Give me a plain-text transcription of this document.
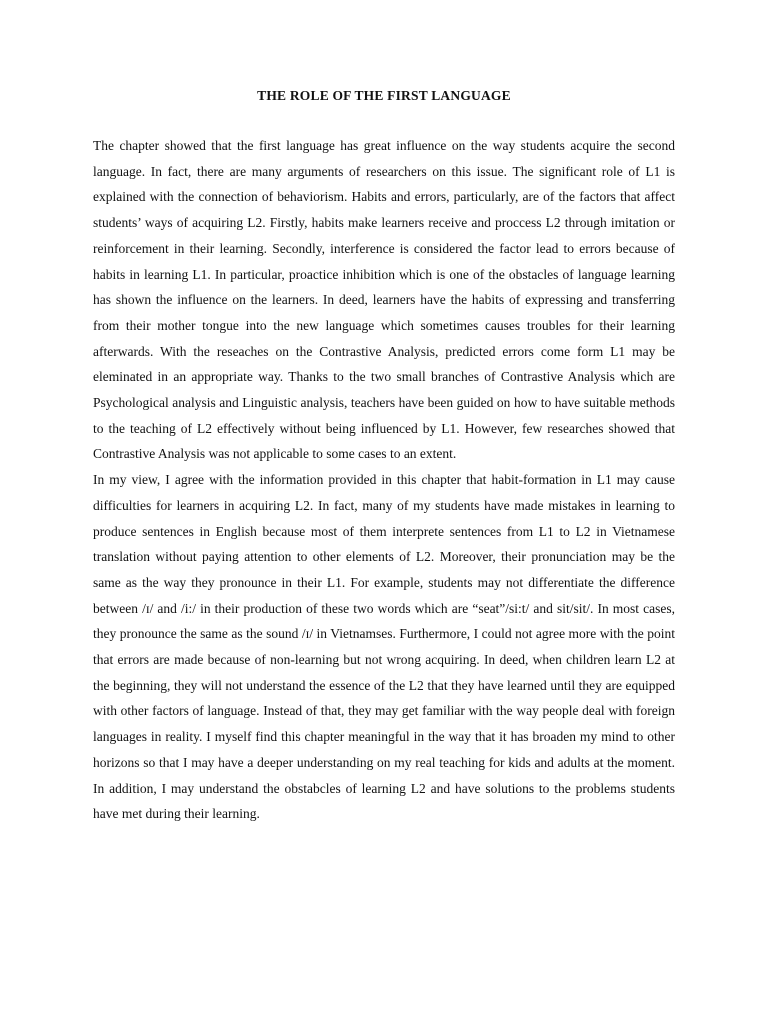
THE ROLE OF THE FIRST LANGUAGE

The chapter showed that the first language has great influence on the way students acquire the second language. In fact, there are many arguments of researchers on this issue. The significant role of L1 is explained with the connection of behaviorism. Habits and errors, particularly, are of the factors that affect students’ ways of acquiring L2. Firstly, habits make learners receive and proccess L2 through imitation or reinforcement in their learning. Secondly, interference is considered the factor lead to errors because of habits in learning L1. In particular, proactice inhibition which is one of the obstacles of language learning has shown the influence on the learners. In deed, learners have the habits of expressing and transferring from their mother tongue into the new language which sometimes causes troubles for their learning afterwards. With the reseaches on the Contrastive Analysis, predicted errors come form L1 may be eleminated in an appropriate way. Thanks to the two small branches of Contrastive Analysis which are Psychological analysis and Linguistic analysis, teachers have been guided on how to have suitable methods to the teaching of L2 effectively without being influenced by L1. However, few researches showed that Contrastive Analysis was not applicable to some cases to an extent.

In my view, I agree with the information provided in this chapter that habit-formation in L1 may cause difficulties for learners in acquiring L2. In fact, many of my students have made mistakes in learning to produce sentences in English because most of them interprete sentences from L1 to L2 in Vietnamese translation without paying attention to other elements of L2. Moreover, their pronunciation may be the same as the way they pronounce in their L1. For example, students may not differentiate the difference between /ɪ/ and /i:/ in their production of these two words which are “seat”/si:t/ and sit/sit/. In most cases, they pronounce the same as the sound /ɪ/ in Vietnamses. Furthermore, I could not agree more with the point that errors are made because of non-learning but not wrong acquiring. In deed, when children learn L2 at the beginning, they will not understand the essence of the L2 that they have learned until they are equipped with other factors of language. Instead of that, they may get familiar with the way people deal with foreign languages in reality. I myself find this chapter meaningful in the way that it has broaden my mind to other horizons so that I may have a deeper understanding on my real teaching for kids and adults at the moment. In addition, I may understand the obstabcles of learning L2 and have solutions to the problems students have met during their learning.
